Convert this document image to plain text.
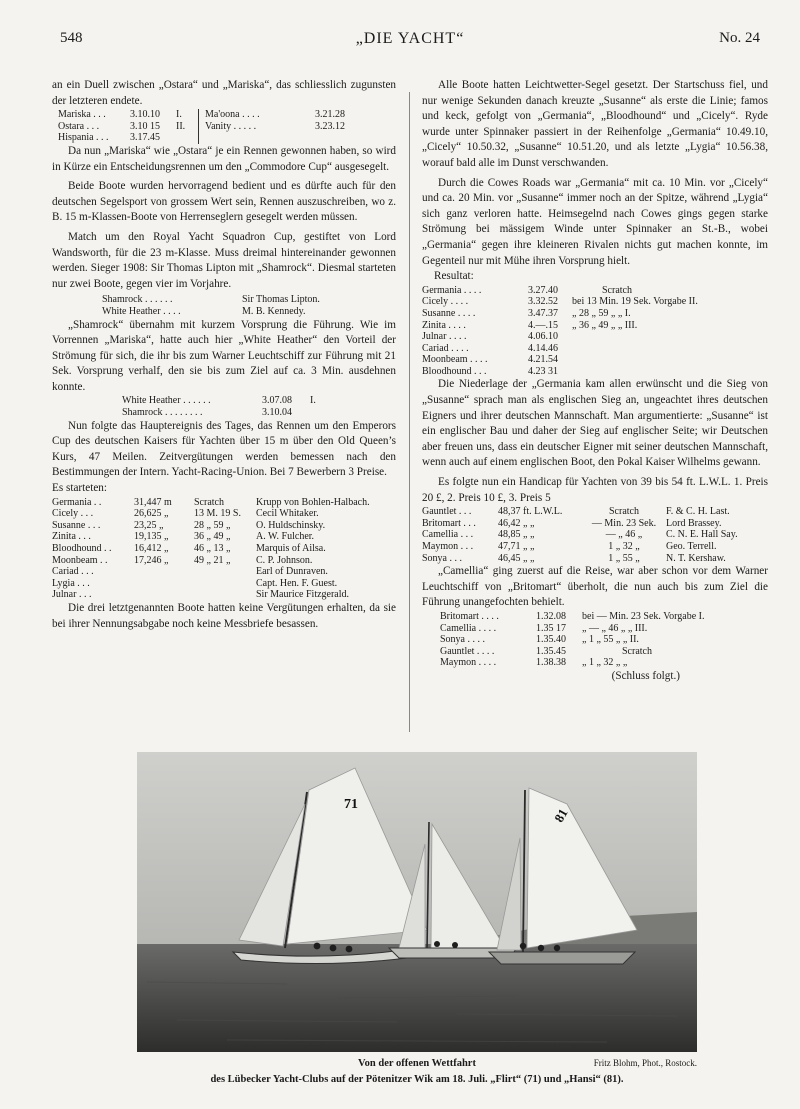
548	„DIE YACHT“	No. 24

an ein Duell zwischen „Ostara“ und „Mariska“, das schliesslich zugunsten der letzteren endete.

Mariska . . .	3.10.10	I.	Ma'oona . . . .	3.21.28
Ostara . . .	3.10 15	II.	Vanity . . . . .	3.23.12
Hispania . . .	3.17.45			

Da nun „Mariska“ wie „Ostara“ je ein Rennen gewonnen haben, so wird in Kürze ein Entscheidungsrennen um den „Commodore Cup“ ausgesegelt.

Beide Boote wurden hervorragend bedient und es dürfte auch für den deutschen Segelsport von grossem Wert sein, Rennen auszuschreiben, wo z. B. 15 m-Klassen-Boote von Herrenseglern gesegelt werden müssen.

Match um den Royal Yacht Squadron Cup, gestiftet von Lord Wandsworth, für die 23 m-Klasse. Muss dreimal hintereinander gewonnen werden. Sieger 1908: Sir Thomas Lipton mit „Shamrock“. Diesmal starteten nur zwei Boote, gegen vier im Vorjahre.

Shamrock . . . . . .	Sir Thomas Lipton.
White Heather . . . .	M. B. Kennedy.

„Shamrock“ übernahm mit kurzem Vorsprung die Führung. Wie im Vorrennen „Mariska“, hatte auch hier „White Heather“ den Vorteil der Strömung für sich, die ihr bis zum Warner Leuchtschiff zur Führung mit 21 Sek. Vorsprung verhalf, den sie bis zum Ziel auf ca. 3 Min. ausdehnen konnte.

White Heather . . . . . .	3.07.08	I.
Shamrock . . . . . . . .	3.10.04	

Nun folgte das Hauptereignis des Tages, das Rennen um den Emperors Cup des deutschen Kaisers für Yachten über 15 m über den Old Queen’s Kurs, 47 Meilen. Zeitvergütungen werden bemessen nach den Bestimmungen der Intern. Yacht-Racing-Union. Bei 7 Bewerbern 3 Preise.

Es starteten:

Germania . .	31,447 m	Scratch	Krupp von Bohlen-Halbach.
Cicely . . .	26,625 „	13 M. 19 S.	Cecil Whitaker.
Susanne . . .	23,25 „	28 „ 59 „	O. Huldschinsky.
Zinita . . .	19,135 „	36 „ 49 „	A. W. Fulcher.
Bloodhound . .	16,412 „	46 „ 13 „	Marquis of Ailsa.
Moonbeam . .	17,246 „	49 „ 21 „	C. P. Johnson.
Cariad . . .			Earl of Dunraven.
Lygia . . .			Capt. Hen. F. Guest.
Julnar . . .			Sir Maurice Fitzgerald.

Die drei letztgenannten Boote hatten keine Vergütungen erhalten, da sie bei ihrer Nennungsabgabe noch keine Messbriefe besassen.

Alle Boote hatten Leichtwetter-Segel gesetzt. Der Startschuss fiel, und nur wenige Sekunden danach kreuzte „Susanne“ als erste die Linie; famos und keck, gefolgt von „Germania“, „Bloodhound“ und „Cicely“. Ryde wurde unter Spinnaker passiert in der Reihenfolge „Germania“ 10.49.10, „Cicely“ 10.50.32, „Susanne“ 10.51.20, und als letzte „Lygia“ 10.56.38, worauf bald alle im Dunst verschwanden.

Durch die Cowes Roads war „Germania“ mit ca. 10 Min. vor „Cicely“ und ca. 20 Min. vor „Susanne“ immer noch an der Spitze, während „Lygia“ sich ganz verloren hatte. Heimsegelnd nach Cowes gings gegen starke Strömung bei mässigem Winde unter Spinnaker an St.-B., wobei „Germania“ gegen ihre kleineren Rivalen nichts gut machen konnte, im Gegenteil nur mit Mühe ihren Vorsprung hielt.

Resultat:

Germania . . . .	3.27.40	Scratch
Cicely . . . .	3.32.52	bei 13 Min. 19 Sek. Vorgabe II.
Susanne . . . .	3.47.37	„ 28 „ 59 „ „ I.
Zinita . . . .	4.—.15	„ 36 „ 49 „ „ III.
Julnar . . . .	4.06.10	
Cariad . . . .	4.14.46	
Moonbeam . . . .	4.21.54	
Bloodhound . . .	4.23 31	

Die Niederlage der „Germania kam allen erwünscht und die Sieg von „Susanne“ sprach man als englischen Sieg an, ungeachtet ihres deutschen Eigners und ihrer deutschen Mannschaft. Man argumentierte: „Susanne“ ist ein englischer Bau und daher der Sieg auf englischer Seite; wir Deutschen aber freuen uns, dass ein deutscher Eigner mit seiner deutschen Mannschaft, wenn auch auf einem englischen Boot, den Pokal Kaiser Wilhelms gewann.

Es folgte nun ein Handicap für Yachten von 39 bis 54 ft. L.W.L. 1. Preis 20 £, 2. Preis 10 £, 3. Preis 5

Gauntlet . . .	48,37 ft. L.W.L.	Scratch	F. & C. H. Last.
Britomart . . .	46,42 „ „	— Min. 23 Sek.	Lord Brassey.
Camellia . . .	48,85 „ „	— „ 46 „	C. N. E. Hall Say.
Maymon . . .	47,71 „ „	1 „ 32 „	Geo. Terrell.
Sonya . . .	46,45 „ „	1 „ 55 „	N. T. Kershaw.

„Camellia“ ging zuerst auf die Reise, war aber schon vor dem Warner Leuchtschiff von „Britomart“ überholt, die nun auch bis zum Ziel die Führung unangefochten behielt.

Britomart . . . .	1.32.08	bei — Min. 23 Sek. Vorgabe I.
Camellia . . . .	1.35 17	„ — „ 46 „ „ III.
Sonya . . . .	1.35.40	„ 1 „ 55 „ „ II.
Gauntlet . . . .	1.35.45	Scratch
Maymon . . . .	1.38.38	„ 1 „ 32 „ „

(Schluss folgt.)

71
81
Von der offenen Wettfahrt	Fritz Blohm, Phot., Rostock.
des Lübecker Yacht-Clubs auf der Pötenitzer Wik am 18. Juli. „Flirt“ (71) und „Hansi“ (81).
